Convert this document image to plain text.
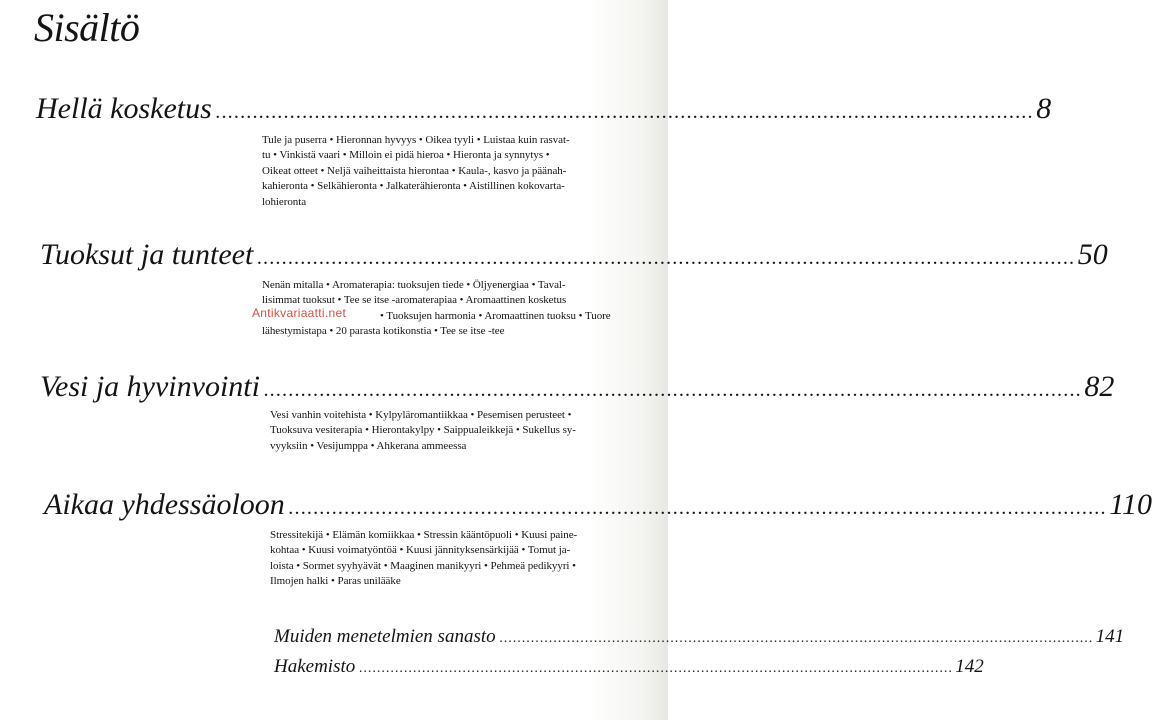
Sisältö
Hellä kosketus .................................................................................................................................... 8
Tule ja puserra • Hieronnan hyvyys • Oikea tyyli • Luistaa kuin rasvat-
tu • Vinkistä vaari • Milloin ei pidä hieroa • Hieronta ja synnytys •
Oikeat otteet • Neljä vaiheittaista hierontaa • Kaula-, kasvo ja päänah-
kahieronta • Selkähieronta • Jalkaterähieronta • Aistillinen kokovarta-
lohieronta
Tuoksut ja tunteet .................................................................................................................................... 50
Nenän mitalla • Aromaterapia: tuoksujen tiede • Öljyenergiaa • Taval-
lisimmat tuoksut • Tee se itse -aromaterapiaa • Aromaattinen kosketus
• Tuoksujen harmonia • Aromaattinen tuoksu • Tuore
lähestymistapa • 20 parasta kotikonstia • Tee se itse -tee
Antikvariaatti.net
Vesi ja hyvinvointi .................................................................................................................................... 82
Vesi vanhin voitehista • Kylpyläromantiikkaa • Pesemisen perusteet •
Tuoksuva vesiterapia • Hierontakylpy • Saippualeikkejä • Sukellus sy-
vyyksiin • Vesijumppa • Ahkerana ammeessa
Aikaa yhdessäoloon .................................................................................................................................... 110
Stressitekijä • Elämän komiikkaa • Stressin kääntöpuoli • Kuusi paine-
kohtaa • Kuusi voimatyöntöä • Kuusi jännityksensärkijää • Tomut ja-
loista • Sormet syyhyävät • Maaginen manikyyri • Pehmeä pedikyyri •
Ilmojen halki • Paras unilääke
Muiden menetelmien sanasto .................................................................................................................................... 141
Hakemisto .................................................................................................................................... 142
